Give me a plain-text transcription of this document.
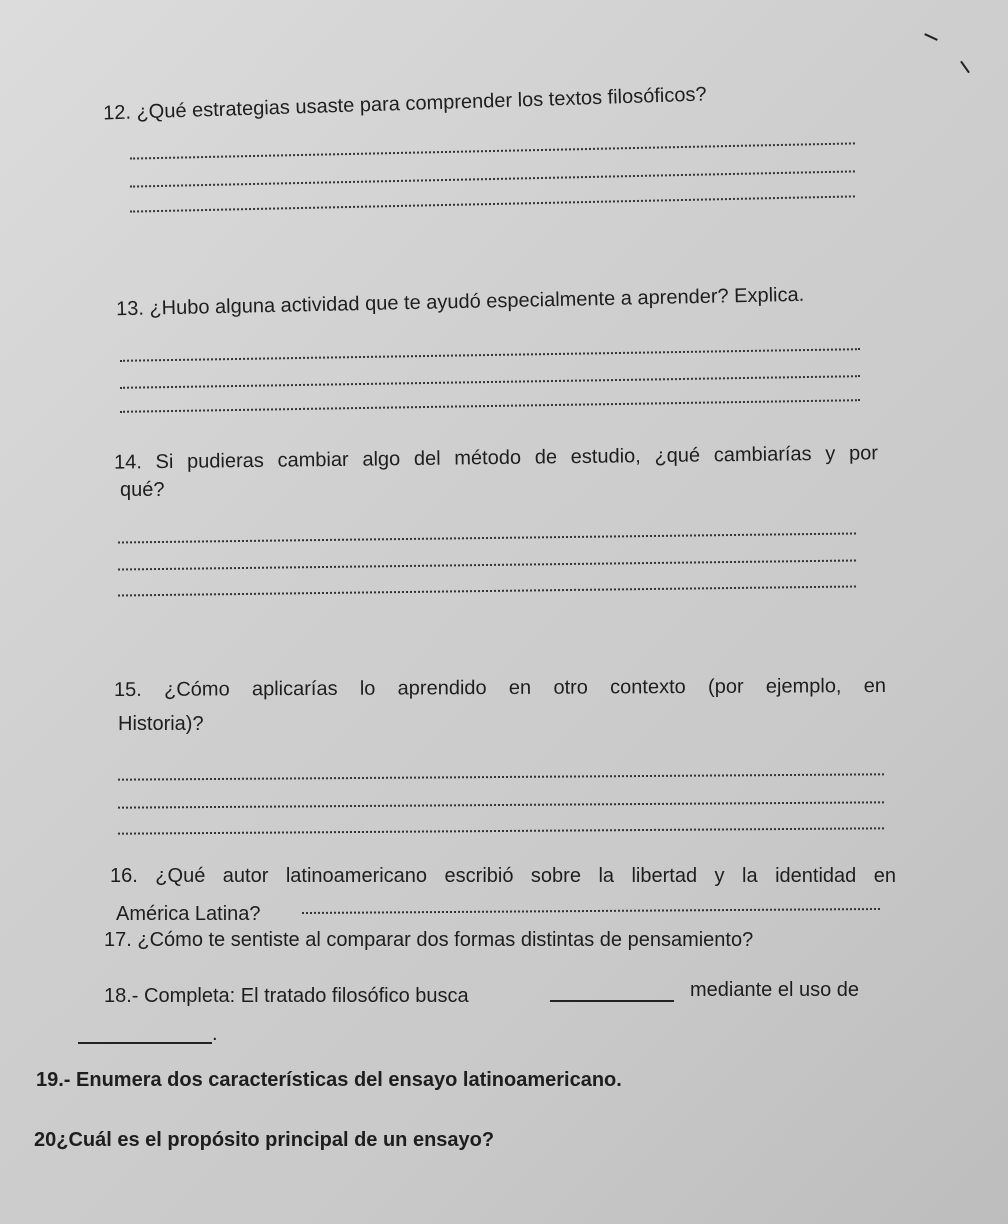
12. ¿Qué estrategias usaste para comprender los textos filosóficos?
13. ¿Hubo alguna actividad que te ayudó especialmente a aprender? Explica.
14. Si pudieras cambiar algo del método de estudio, ¿qué cambiarías y por
qué?
15. ¿Cómo aplicarías lo aprendido en otro contexto (por ejemplo, en
Historia)?
16. ¿Qué autor latinoamericano escribió sobre la libertad y la identidad en
América Latina?
17. ¿Cómo te sentiste al comparar dos formas distintas de pensamiento?
18.- Completa: El tratado filosófico busca	mediante el uso de
.
19.- Enumera dos características del ensayo latinoamericano.
20¿Cuál es el propósito principal de un ensayo?
